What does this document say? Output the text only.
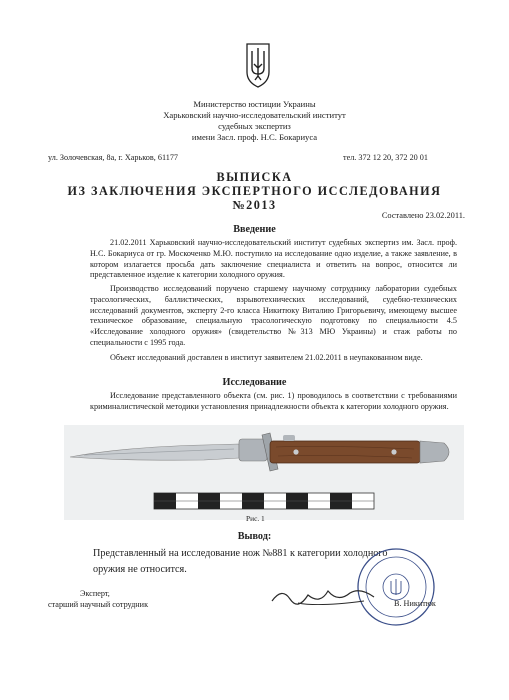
Министерство юстиции Украины
Харьковский научно-исследовательский институт
судебных экспертиз
имени Засл. проф. Н.С. Бокариуса
ул. Золочевская, 8а, г. Харьков, 61177	тел. 372 12 20, 372 20 01
ВЫПИСКА
ИЗ ЗАКЛЮЧЕНИЯ ЭКСПЕРТНОГО ИССЛЕДОВАНИЯ
№2013
Составлено 23.02.2011.
Введение

21.02.2011 Харьковский научно-исследовательский институт судебных экспертиз им. Засл. проф. Н.С. Бокариуса от гр. Москоченко М.Ю. поступило на исследование одно изделие, а также заявление, в котором излагается просьба дать заключение специалиста и ответить на вопрос, относится ли представленное изделие к категории холодного оружия.

Производство исследований поручено старшему научному сотруднику лаборатории судебных трасологических, баллистических, взрывотехнических исследований, судебно-технических исследований документов, эксперту 2-го класса Никитюку Виталию Григорьевичу, имеющему высшее техническое образование, специальную трасологическую подготовку по специальности 4.5 «Исследование холодного оружия» (свидетельство №313 МЮ Украины) и стаж работы по специальности с 1995 года.

Объект исследований доставлен в институт заявителем 21.02.2011 в неупакованном виде.

Исследование

Исследование представленного объекта (см. рис. 1) проводилось в соответствии с требованиями криминалистической методики установления принадлежности объекта к категории холодного оружия.

Рис. 1
Вывод:
Представленный на исследование нож №881 к категории холодного
оружия не относится.
Эксперт,
старший научный сотрудник	В. Никитюк
